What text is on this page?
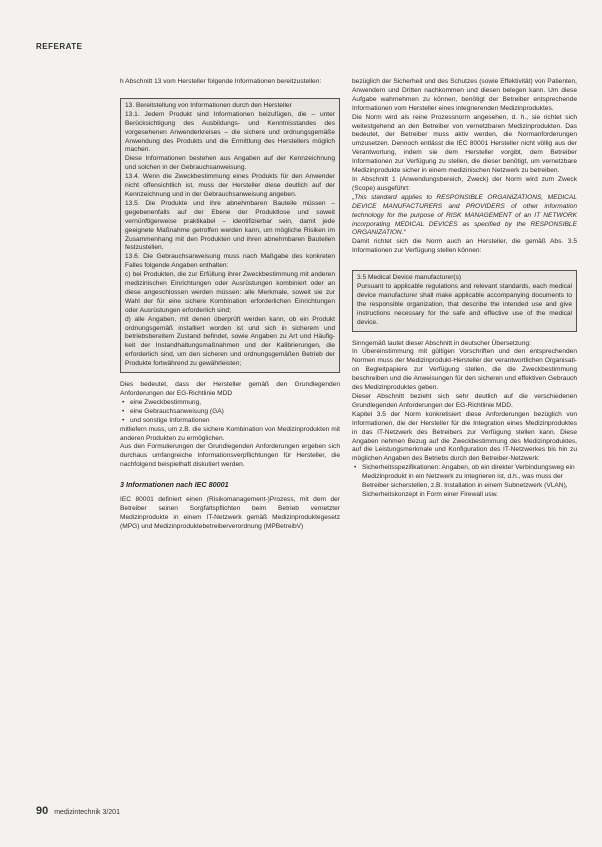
REFERATE

h Abschnitt 13 vom Hersteller folgende Informationen bereitzustellen:

13. Bereitstellung von Informationen durch den Hersteller

13.1. Jedem Produkt sind Informationen beizufügen, die – unter Berücksichtigung des Ausbildungs- und Kenntnisstandes des vorgesehenen Anwenderkreises – die sichere und ordnungsgemäße Anwendung des Produkts und die Ermittlung des Herstellers möglich machen.

Diese Informationen bestehen aus Angaben auf der Kennzeichnung und solchen in der Gebrauchsanweisung.

13.4. Wenn die Zweckbestimmung eines Produkts für den Anwender nicht offensichtlich ist, muss der Hersteller diese deutlich auf der Kennzeichnung und in der Gebrauchsanweisung angeben.

13.5. Die Produkte und ihre abnehmbaren Bauteile müssen – gegebenenfalls auf der Ebene der Produktlose und soweit vernünftigerweise praktikabel – identifizierbar sein, damit jede geeignete Maßnahme getroffen werden kann, um mögliche Risiken im Zusammenhang mit den Produkten und ihren abnehmbaren Bauteilen festzustellen.

13.6. Die Gebrauchsanweisung muss nach Maßgabe des konkreten Falles folgende Angaben enthalten:

c) bei Produkten, die zur Erfüllung ihrer Zweckbestimmung mit anderen medizinischen Einrichtungen oder Ausrüstungen kombiniert oder an diese angeschlossen werden müssen: alle Merkmale, soweit sie zur Wahl der für eine sichere Kombination erforderlichen Einrichtungen oder Ausrüstungen erforderlich sind;

d) alle Angaben, mit denen überprüft werden kann, ob ein Produkt ordnungsgemäß installiert worden ist und sich in sicherem und betriebsbereitem Zustand befindet, sowie Angaben zu Art und Häufigkeit der Instandhaltungsmaßnahmen und der Kalibrierungen, die erforderlich sind, um den sicheren und ordnungsgemäßen Betrieb der Produkte fortwährend zu gewährleisten;

Dies bedeutet, dass der Hersteller gemäß den Grundlegenden Anforderungen der EG-Richtlinie MDD

• eine Zweckbestimmung,
• eine Gebrauchsanweisung (GA)
• und sonstige Informationen

mitliefern muss, um z.B. die sichere Kombination von Medizinprodukten mit anderen Produkten zu ermöglichen.

Aus den Formulierungen der Grundlegenden Anforderungen ergeben sich durchaus umfangreiche Informationsverpflichtungen für Hersteller, die nachfolgend beispielhaft diskutiert werden.

3 Informationen nach IEC 80001

IEC 80001 definiert einen (Risikomanagement-)Prozess, mit dem der Betreiber seinen Sorgfaltspflichten beim Betrieb vernetzter Medizinprodukte in einem IT-Netzwerk gemäß Medizinproduktegesetz (MPG) und Medizinproduktebetreiberverordnung (MPBetreibV)

bezüglich der Sicherheit und des Schutzes (sowie Effektivität) von Patienten, Anwendern und Dritten nachkommen und diesen belegen kann. Um diese Aufgabe wahrnehmen zu können, benötigt der Betreiber entsprechende Informationen vom Hersteller eines integrierenden Medizinproduktes.

Die Norm wird als reine Prozessnorm angesehen, d. h., sie richtet sich weitestgehend an den Betreiber von vernetzbaren Medizinprodukten. Das bedeutet, der Betreiber muss aktiv werden, die Normanforderungen umzusetzen. Dennoch entlässt die IEC 80001 Hersteller nicht völlig aus der Verantwortung, indem sie dem Hersteller vorgibt, dem Betreiber Informationen zur Verfügung zu stellen, die dieser benötigt, um vernetzbare Medizinprodukte sicher in einem medizinischen Netzwerk zu betreiben.

In Abschnitt 1 (Anwendungsbereich, Zweck) der Norm wird zum Zweck (Scope) ausgeführt:

„This standard applies to RESPONSIBLE ORGANIZATIONS, MEDICAL DEVICE MANUFACTURERS and PROVIDERS of other information technology for the purpose of RISK MANAGEMENT of an IT NETWORK incorporating MEDICAL DEVICES as specified by the RESPONSIBLE ORGANIZATION.“

Damit richtet sich die Norm auch an Hersteller, die gemäß Abs. 3.5 Informationen zur Verfügung stellen können:

3.5 Medical Device manufacturer(s)

Pursuant to applicable regulations and relevant standards, each medical device manufacturer shall make applicable accompanying documents to the responsible organization, that describe the intended use and give instructions necessary for the safe and effective use of the medical device.

Sinngemäß lautet dieser Abschnitt in deutscher Übersetzung:

In Übereinstimmung mit gültigen Vorschriften und den entsprechenden Normen muss der Medizinprodukt-Hersteller der verantwortlichen Organisation Begleitpapiere zur Verfügung stellen, die die Zweckbestimmung beschreiben und die Anweisungen für den sicheren und effektiven Gebrauch des Medizinproduktes geben.

Dieser Abschnitt bezieht sich sehr deutlich auf die verschiedenen Grundlegenden Anforderungen der EG-Richtlinie MDD.

Kapitel 3.5 der Norm konkretisiert diese Anforderungen bezüglich von Informationen, die der Hersteller für die Integration eines Medizinproduktes in das IT-Netzwerk des Betreibers zur Verfügung stellen kann. Diese Angaben nehmen Bezug auf die Zweckbestimmung des Medizinproduktes, auf die Leistungsmerkmale und Konfiguration des IT-Netzwerkes bis hin zu möglichen Angaben des Betriebs durch den Betreiber-Netzwerk:

• Sicherheitsspezifikationen: Angaben, ob ein direkter Verbindungsweg ein Medizinprodukt in ein Netzwerk zu integrieren ist, d.h., was muss der Betreiber sicherstellen, z.B. Installation in einem Subnetzwerk (VLAN), Sicherheitskonzept in Form einer Firewall usw.
90 medizintechnik 3/201
